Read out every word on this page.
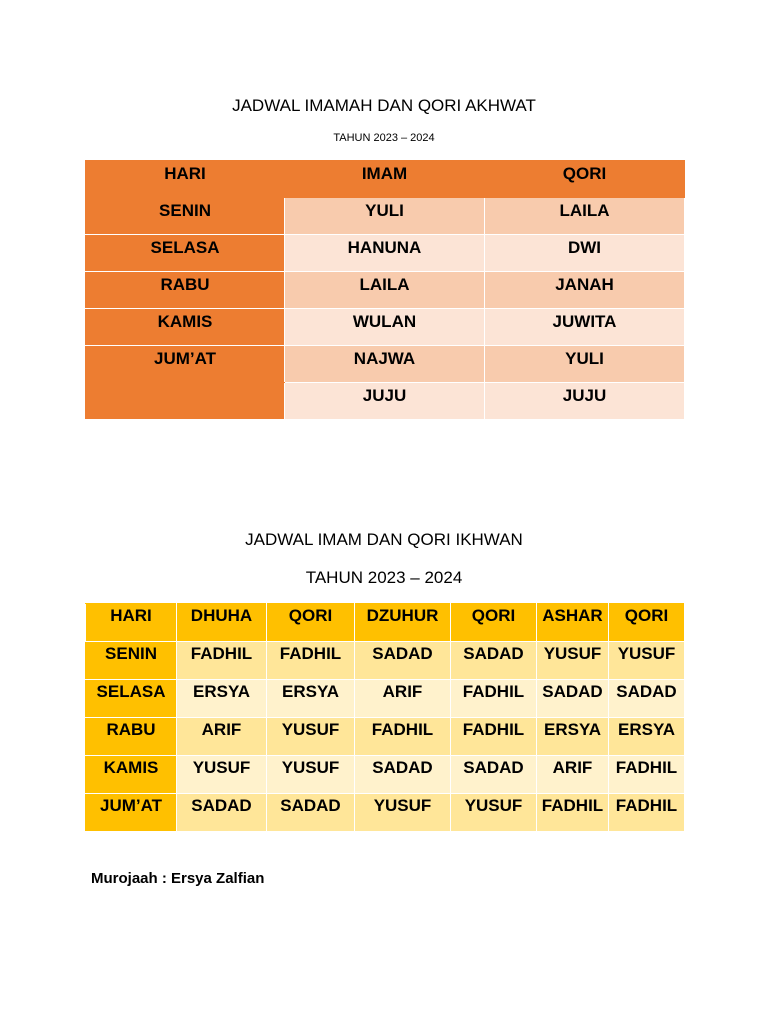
JADWAL IMAMAH DAN QORI AKHWAT
TAHUN 2023 – 2024
HARI	IMAM	QORI
SENIN	YULI	LAILA
SELASA	HANUNA	DWI
RABU	LAILA	JANAH
KAMIS	WULAN	JUWITA
JUM’AT	NAJWA	YULI
	JUJU	JUJU
JADWAL IMAM DAN QORI IKHWAN
TAHUN 2023 – 2024
HARI	DHUHA	QORI	DZUHUR	QORI	ASHAR	QORI
SENIN	FADHIL	FADHIL	SADAD	SADAD	YUSUF	YUSUF
SELASA	ERSYA	ERSYA	ARIF	FADHIL	SADAD	SADAD
RABU	ARIF	YUSUF	FADHIL	FADHIL	ERSYA	ERSYA
KAMIS	YUSUF	YUSUF	SADAD	SADAD	ARIF	FADHIL
JUM’AT	SADAD	SADAD	YUSUF	YUSUF	FADHIL	FADHIL
Murojaah : Ersya Zalfian
